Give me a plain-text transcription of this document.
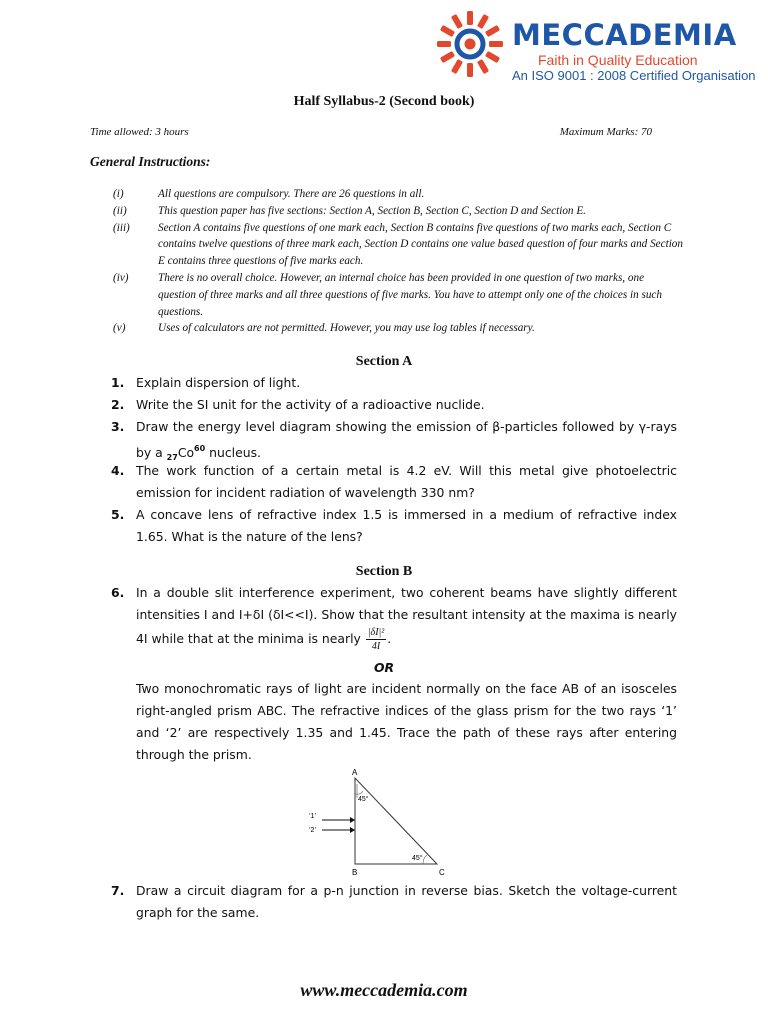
MECCADEMIA
Faith in Quality Education
An ISO 9001 : 2008 Certified Organisation
Half Syllabus-2 (Second book)
Time allowed: 3 hours	Maximum Marks: 70
General Instructions:
(i)	All questions are compulsory. There are 26 questions in all.
(ii)	This question paper has five sections: Section A, Section B, Section C, Section D and Section E.
(iii)	Section A contains five questions of one mark each, Section B contains five questions of two marks each, Section C contains twelve questions of three mark each, Section D contains one value based question of four marks and Section E contains three questions of five marks each.
(iv)	There is no overall choice. However, an internal choice has been provided in one question of two marks, one question of three marks and all three questions of five marks. You have to attempt only one of the choices in such questions.
(v)	Uses of calculators are not permitted. However, you may use log tables if necessary.
Section A
1. Explain dispersion of light.
2. Write the SI unit for the activity of a radioactive nuclide.
3. Draw the energy level diagram showing the emission of β-particles followed by γ-rays by a $_{27}Co^{60}$ nucleus.
4. The work function of a certain metal is 4.2 eV. Will this metal give photoelectric emission for incident radiation of wavelength 330 nm?
5. A concave lens of refractive index 1.5 is immersed in a medium of refractive index 1.65. What is the nature of the lens?
Section B
6. In a double slit interference experiment, two coherent beams have slightly different intensities I and I+δI (δI<<I). Show that the resultant intensity at the maxima is nearly 4I while that at the minima is nearly $\frac{\text{|δI|²}}{4I}$ .
OR
Two monochromatic rays of light are incident normally on the face AB of an isosceles right-angled prism ABC. The refractive indices of the glass prism for the two rays ‘1’ and ‘2’ are respectively 1.35 and 1.45. Trace the path of these rays after entering through the prism.
A
B	C
45°
45°
‘1’
‘2’
7. Draw a circuit diagram for a p-n junction in reverse bias. Sketch the voltage-current graph for the same.
www.meccademia.com
